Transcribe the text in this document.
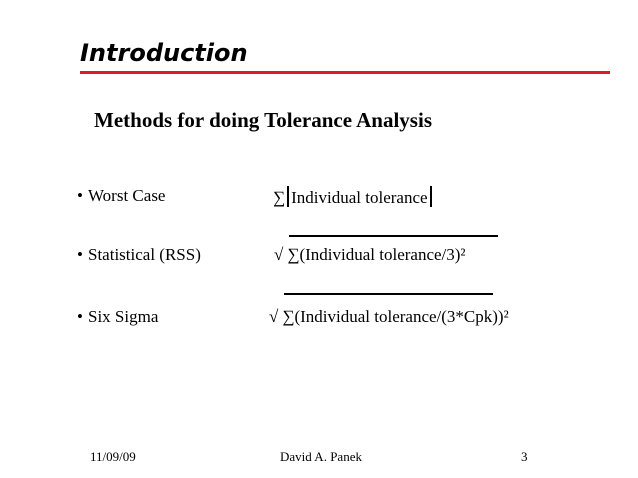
Introduction
Methods for doing Tolerance Analysis
• Worst Case	∑ Individual tolerance
• Statistical (RSS)	√ ∑(Individual tolerance/3)²
• Six Sigma	√ ∑(Individual tolerance/(3*Cpk))²
11/09/09	David A. Panek	3
